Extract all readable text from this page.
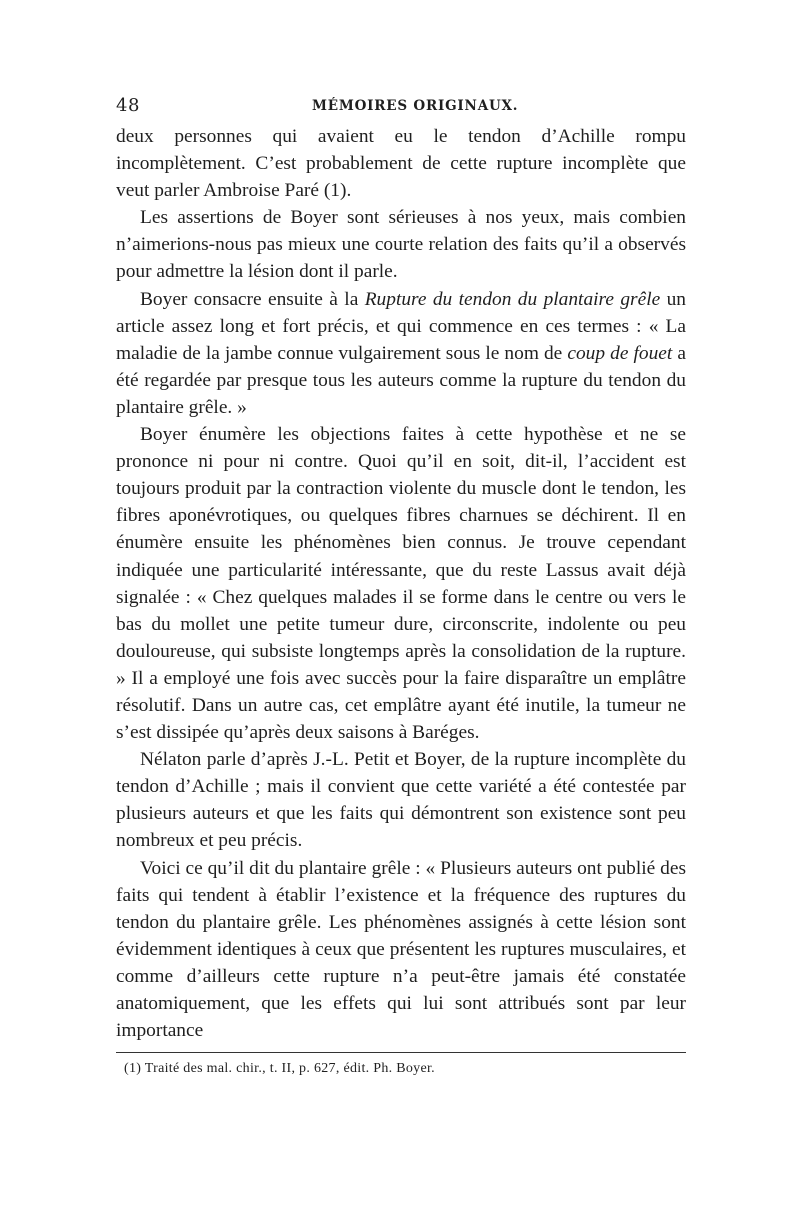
48	MÉMOIRES ORIGINAUX.

deux personnes qui avaient eu le tendon d’Achille rompu incomplètement. C’est probablement de cette rupture incomplète que veut parler Ambroise Paré (1).

Les assertions de Boyer sont sérieuses à nos yeux, mais combien n’aimerions-nous pas mieux une courte relation des faits qu’il a observés pour admettre la lésion dont il parle.

Boyer consacre ensuite à la Rupture du tendon du plantaire grêle un article assez long et fort précis, et qui commence en ces termes : « La maladie de la jambe connue vulgairement sous le nom de coup de fouet a été regardée par presque tous les auteurs comme la rupture du tendon du plantaire grêle. »

Boyer énumère les objections faites à cette hypothèse et ne se prononce ni pour ni contre. Quoi qu’il en soit, dit-il, l’accident est toujours produit par la contraction violente du muscle dont le tendon, les fibres aponévrotiques, ou quelques fibres charnues se déchirent. Il en énumère ensuite les phénomènes bien connus. Je trouve cependant indiquée une particularité intéressante, que du reste Lassus avait déjà signalée : « Chez quelques malades il se forme dans le centre ou vers le bas du mollet une petite tumeur dure, circonscrite, indolente ou peu douloureuse, qui subsiste longtemps après la consolidation de la rupture. » Il a employé une fois avec succès pour la faire disparaître un emplâtre résolutif. Dans un autre cas, cet emplâtre ayant été inutile, la tumeur ne s’est dissipée qu’après deux saisons à Baréges.

Nélaton parle d’après J.-L. Petit et Boyer, de la rupture incomplète du tendon d’Achille ; mais il convient que cette variété a été contestée par plusieurs auteurs et que les faits qui démontrent son existence sont peu nombreux et peu précis.

Voici ce qu’il dit du plantaire grêle : « Plusieurs auteurs ont publié des faits qui tendent à établir l’existence et la fréquence des ruptures du tendon du plantaire grêle. Les phénomènes assignés à cette lésion sont évidemment identiques à ceux que présentent les ruptures musculaires, et comme d’ailleurs cette rupture n’a peut-être jamais été constatée anatomiquement, que les effets qui lui sont attribués sont par leur importance

(1) Traité des mal. chir., t. II, p. 627, édit. Ph. Boyer.
